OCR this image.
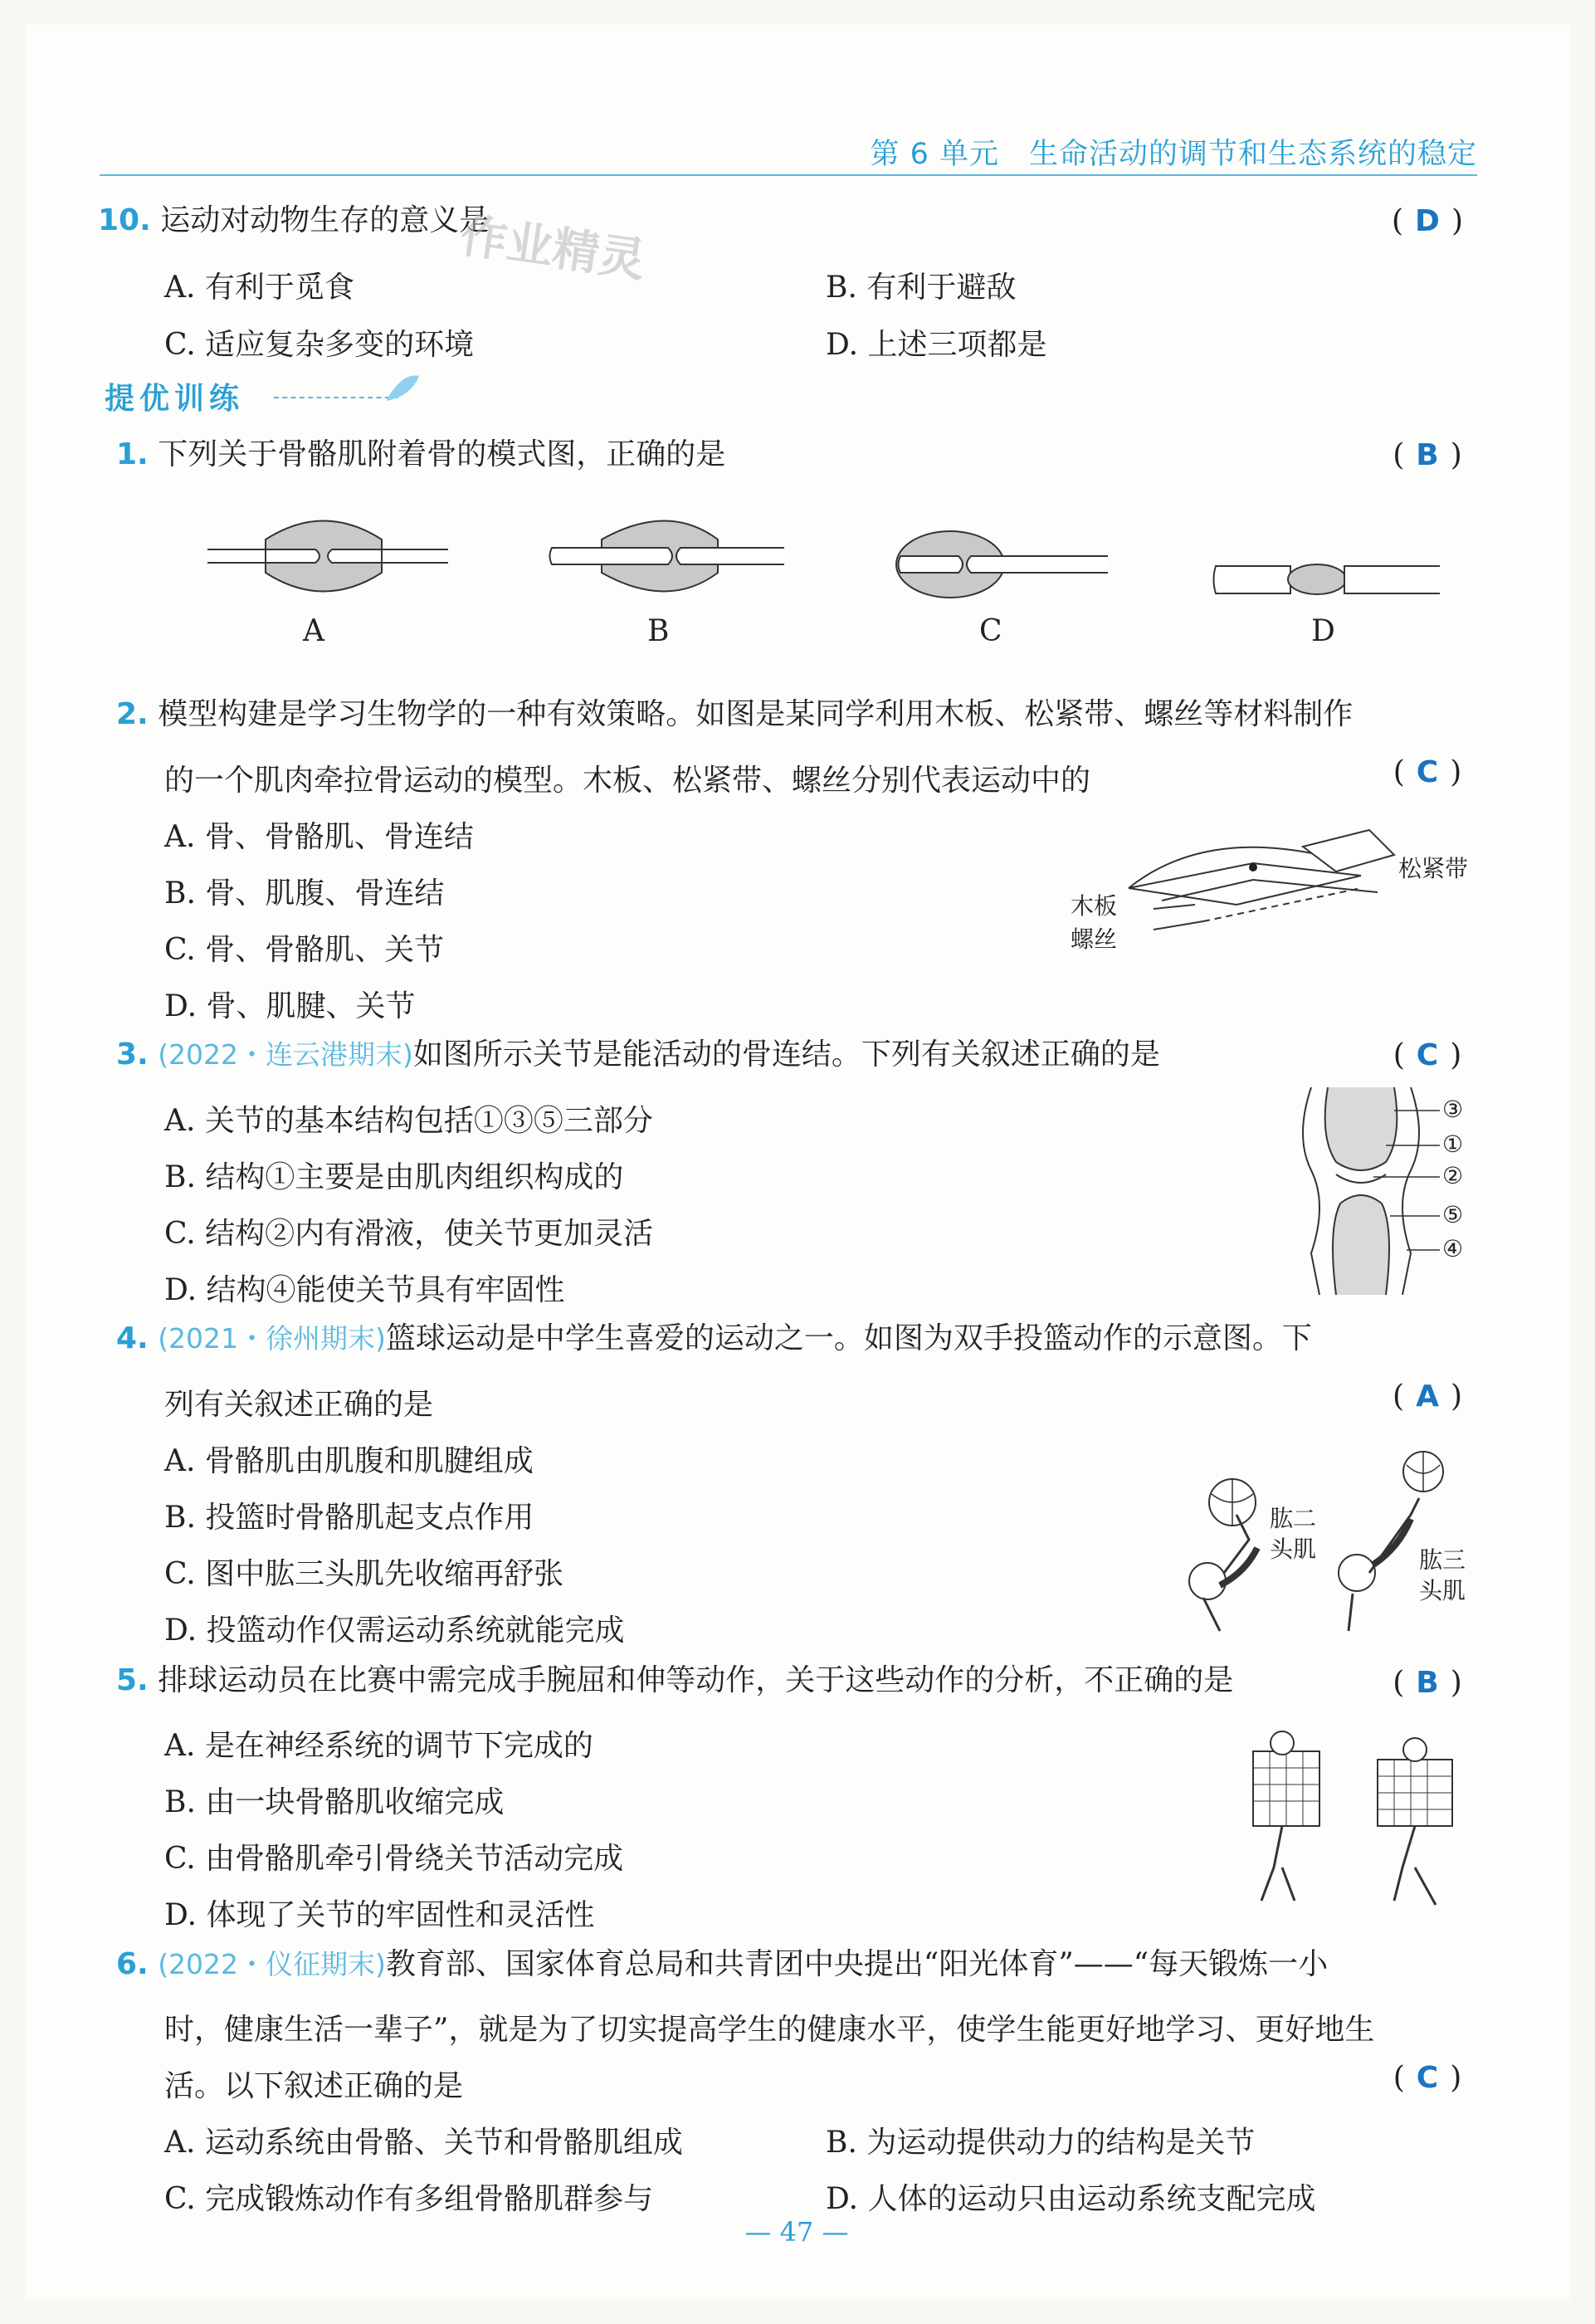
第 6 单元　生命活动的调节和生态系统的稳定
10. 运动对动物生存的意义是
作业精灵	( D )
A. 有利于觅食	B. 有利于避敌
C. 适应复杂多变的环境	D. 上述三项都是
提优训练
1. 下列关于骨骼肌附着骨的模式图，正确的是	( B )
A	B	C	D
2. 模型构建是学习生物学的一种有效策略。如图是某同学利用木板、松紧带、螺丝等材料制作
的一个肌肉牵拉骨运动的模型。木板、松紧带、螺丝分别代表运动中的	( C )
A. 骨、骨骼肌、骨连结
B. 骨、肌腹、骨连结
C. 骨、骨骼肌、关节
D. 骨、肌腱、关节
松紧带
木板
螺丝
3. (2022・连云港期末)如图所示关节是能活动的骨连结。下列有关叙述正确的是	( C )
A. 关节的基本结构包括①③⑤三部分
B. 结构①主要是由肌肉组织构成的
C. 结构②内有滑液，使关节更加灵活
D. 结构④能使关节具有牢固性
③
①
②
⑤
④
4. (2021・徐州期末)篮球运动是中学生喜爱的运动之一。如图为双手投篮动作的示意图。下
列有关叙述正确的是	( A )
A. 骨骼肌由肌腹和肌腱组成
B. 投篮时骨骼肌起支点作用
C. 图中肱三头肌先收缩再舒张
D. 投篮动作仅需运动系统就能完成
肱二
头肌	肱三
头肌
5. 排球运动员在比赛中需完成手腕屈和伸等动作，关于这些动作的分析，不正确的是	( B )
A. 是在神经系统的调节下完成的
B. 由一块骨骼肌收缩完成
C. 由骨骼肌牵引骨绕关节活动完成
D. 体现了关节的牢固性和灵活性
6. (2022・仪征期末)教育部、国家体育总局和共青团中央提出“阳光体育”——“每天锻炼一小
时，健康生活一辈子”，就是为了切实提高学生的健康水平，使学生能更好地学习、更好地生
活。以下叙述正确的是	( C )
A. 运动系统由骨骼、关节和骨骼肌组成	B. 为运动提供动力的结构是关节
C. 完成锻炼动作有多组骨骼肌群参与	D. 人体的运动只由运动系统支配完成
— 47 —
